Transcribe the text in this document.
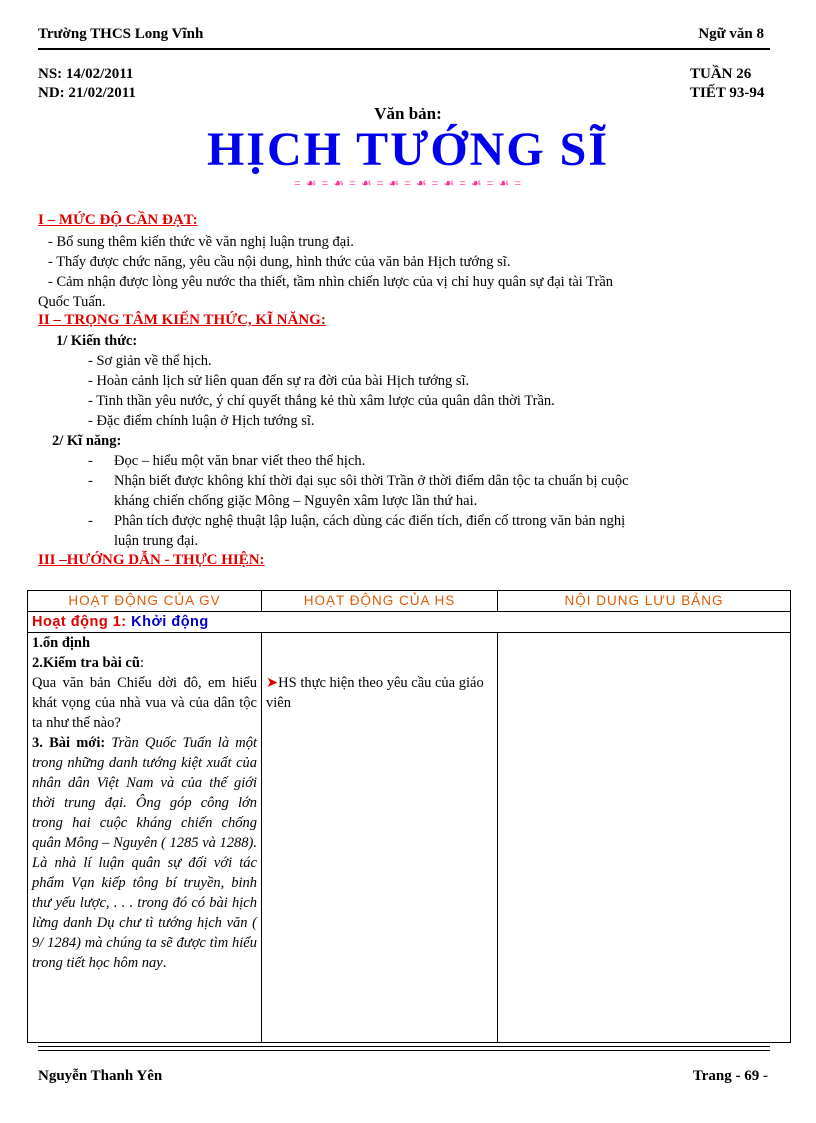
Trường THCS Long Vĩnh	Ngữ văn 8
NS: 14/02/2011
ND: 21/02/2011
TUẦN 26
TIẾT 93-94
Văn bản:
HỊCH TƯỚNG SĨ
= ☙ = ☙ = ☙ = ☙ = ☙ = ☙ = ☙ = ☙ =
I – MỨC ĐỘ CẦN ĐẠT:
- Bổ sung thêm kiến thức về văn nghị luận trung đại.
- Thấy được chức năng, yêu cầu nội dung, hình thức của văn bản Hịch tướng sĩ.
- Cảm nhận được lòng yêu nước tha thiết, tầm nhìn chiến lược của vị chỉ huy quân sự đại tài Trần
Quốc Tuấn.
II – TRỌNG TÂM KIẾN THỨC, KĨ NĂNG:
1/ Kiến thức:
- Sơ giản về thể hịch.
- Hoàn cảnh lịch sử liên quan đến sự ra đời của bài Hịch tướng sĩ.
- Tinh thần yêu nước, ý chí quyết thắng kẻ thù xâm lược của quân dân thời Trần.
- Đặc điểm chính luận ở Hịch tướng sĩ.
2/ Kĩ năng:
- Đọc – hiểu một văn bnar viết theo thể hịch.
- Nhận biết được không khí thời đại sục sôi thời Trần ở thời điểm dân tộc ta chuẩn bị cuộc
kháng chiến chống giặc Mông – Nguyên xâm lược lần thứ hai.
- Phân tích được nghệ thuật lập luận, cách dùng các điển tích, điển cố ttrong văn bản nghị
luận trung đại.
III –HƯỚNG DẪN - THỰC HIỆN:
HOẠT ĐỘNG CỦA GV	HOẠT ĐỘNG CỦA HS	NỘI DUNG LƯU BẢNG
Hoạt động 1: Khởi động		

1.ổn định
2.Kiểm tra bài cũ:
Qua văn bản Chiếu dời đô, em hiểu khát vọng của nhà vua và của dân tộc ta như thế nào?
3. Bài mới: Trần Quốc Tuấn là một trong những danh tướng kiệt xuất của nhân dân Việt Nam và của thế giới thời trung đại. Ông góp công lớn trong hai cuộc kháng chiến chống quân Mông – Nguyên ( 1285 và 1288). Là nhà lí luận quân sự đối với tác phẩm Vạn kiếp tông bí truyền, binh thư yếu lược, . . . trong đó có bài hịch lừng danh Dụ chư tì tướng hịch văn ( 9/ 1284) mà chúng ta sẽ được tìm hiểu trong tiết học hôm nay.	➤HS thực hiện theo yêu cầu của giáo viên	

Nguyễn Thanh Yên	Trang - 69 -
